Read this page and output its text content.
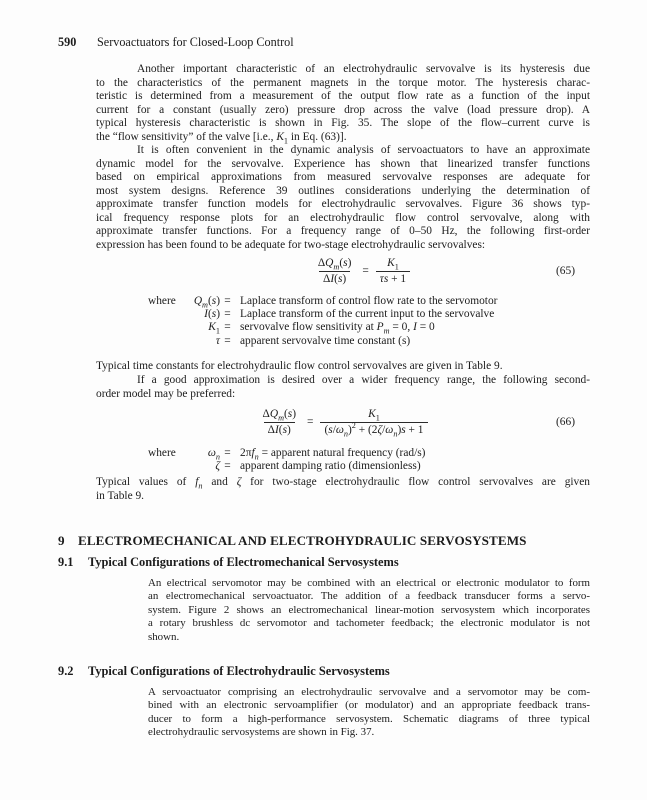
590 Servoactuators for Closed-Loop Control
Another important characteristic of an electrohydraulic servovalve is its hysteresis due
to the characteristics of the permanent magnets in the torque motor. The hysteresis charac-
teristic is determined from a measurement of the output flow rate as a function of the input
current for a constant (usually zero) pressure drop across the valve (load pressure drop). A
typical hysteresis characteristic is shown in Fig. 35. The slope of the flow–current curve is
the “flow sensitivity” of the valve [i.e., $K_1$ in Eq. (63)].
It is often convenient in the dynamic analysis of servoactuators to have an approximate
dynamic model for the servovalve. Experience has shown that linearized transfer functions
based on empirical approximations from measured servovalve responses are adequate for
most system designs. Reference 39 outlines considerations underlying the determination of
approximate transfer function models for electrohydraulic servovalves. Figure 36 shows typ-
ical frequency response plots for an electrohydraulic flow control servovalve, along with
approximate transfer functions. For a frequency range of 0–50 Hz, the following first-order
expression has been found to be adequate for two-stage electrohydraulic servovalves:
$\frac{\Delta Q_m(s)}{\Delta I(s)} = \frac{K_1}{\tau s + 1}$	(65)
where	$Q_m(s)$ = Laplace transform of control flow rate to the servomotor
I(s) = Laplace transform of the current input to the servovalve
$K_1$ = servovalve flow sensitivity at $P_m = 0$, I = 0
τ = apparent servovalve time constant (s)
Typical time constants for electrohydraulic flow control servovalves are given in Table 9.
If a good approximation is desired over a wider frequency range, the following second-
order model may be preferred:
$\frac{\Delta Q_m(s)}{\Delta I(s)} = \frac{K_1}{(s/\omega_n)^2 + (2\zeta/\omega_n)s + 1}$	(66)
where	$\omega_n = 2\pi f_n$ = apparent natural frequency (rad/s)
ζ = apparent damping ratio (dimensionless)
Typical values of $f_n$ and ζ for two-stage electrohydraulic flow control servovalves are given
in Table 9.
9 ELECTROMECHANICAL AND ELECTROHYDRAULIC SERVOSYSTEMS
9.1 Typical Configurations of Electromechanical Servosystems
An electrical servomotor may be combined with an electrical or electronic modulator to form
an electromechanical servoactuator. The addition of a feedback transducer forms a servo-
system. Figure 2 shows an electromechanical linear-motion servosystem which incorporates
a rotary brushless dc servomotor and tachometer feedback; the electronic modulator is not
shown.
9.2 Typical Configurations of Electrohydraulic Servosystems
A servoactuator comprising an electrohydraulic servovalve and a servomotor may be com-
bined with an electronic servoamplifier (or modulator) and an appropriate feedback trans-
ducer to form a high-performance servosystem. Schematic diagrams of three typical
electrohydraulic servosystems are shown in Fig. 37.
